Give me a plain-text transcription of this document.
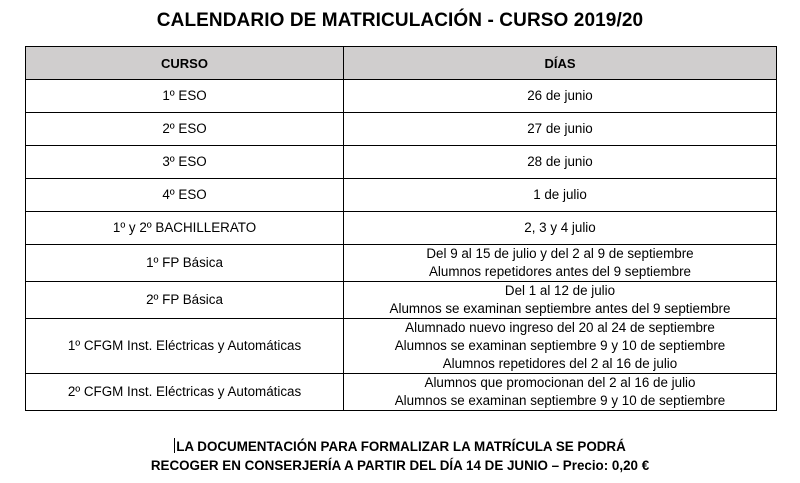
CALENDARIO DE MATRICULACIÓN - CURSO 2019/20
CURSO	DÍAS
1º ESO	26 de junio

2º ESO	27 de junio

3º ESO	28 de junio

4º ESO	1 de julio

1º y 2º BACHILLERATO	2, 3 y 4 julio

1º FP Básica	Del 9 al 15 de julio y del 2 al 9 de septiembre
Alumnos repetidores antes del 9 septiembre

2º FP Básica	Del 1 al 12 de julio
Alumnos se examinan septiembre antes del 9 septiembre

1º CFGM Inst. Eléctricas y Automáticas	Alumnado nuevo ingreso del 20 al 24 de septiembre
Alumnos se examinan septiembre 9 y 10 de septiembre
Alumnos repetidores del 2 al 16 de julio

2º CFGM Inst. Eléctricas y Automáticas	Alumnos que promocionan del 2 al 16 de julio
Alumnos se examinan septiembre 9 y 10 de septiembre
LA DOCUMENTACIÓN PARA FORMALIZAR LA MATRÍCULA SE PODRÁ
RECOGER EN CONSERJERÍA A PARTIR DEL DÍA 14 DE JUNIO – Precio: 0,20 €
